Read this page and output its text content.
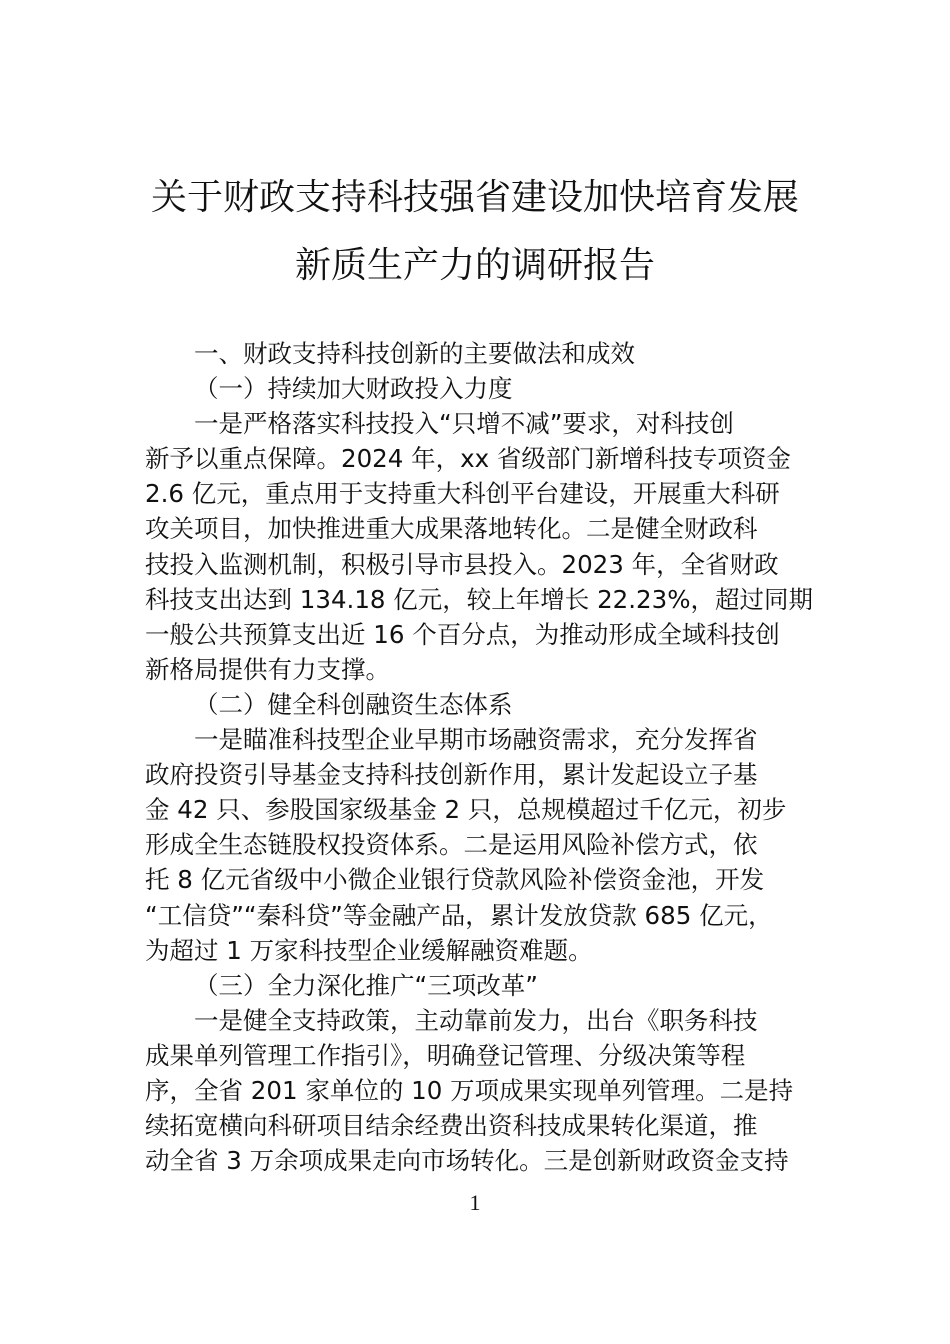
关于财政支持科技强省建设加快培育发展
新质生产力的调研报告
一、财政支持科技创新的主要做法和成效
（一）持续加大财政投入力度
一是严格落实科技投入“只增不减”要求，对科技创
新予以重点保障。2024 年，xx 省级部门新增科技专项资金
2.6 亿元，重点用于支持重大科创平台建设，开展重大科研
攻关项目，加快推进重大成果落地转化。二是健全财政科
技投入监测机制，积极引导市县投入。2023 年，全省财政
科技支出达到 134.18 亿元，较上年增长 22.23%，超过同期
一般公共预算支出近 16 个百分点，为推动形成全域科技创
新格局提供有力支撑。
（二）健全科创融资生态体系
一是瞄准科技型企业早期市场融资需求，充分发挥省
政府投资引导基金支持科技创新作用，累计发起设立子基
金 42 只、参股国家级基金 2 只，总规模超过千亿元，初步
形成全生态链股权投资体系。二是运用风险补偿方式，依
托 8 亿元省级中小微企业银行贷款风险补偿资金池，开发
“工信贷”“秦科贷”等金融产品，累计发放贷款 685 亿元，
为超过 1 万家科技型企业缓解融资难题。
（三）全力深化推广“三项改革”
一是健全支持政策，主动靠前发力，出台《职务科技
成果单列管理工作指引》，明确登记管理、分级决策等程
序，全省 201 家单位的 10 万项成果实现单列管理。二是持
续拓宽横向科研项目结余经费出资科技成果转化渠道，推
动全省 3 万余项成果走向市场转化。三是创新财政资金支持
1
